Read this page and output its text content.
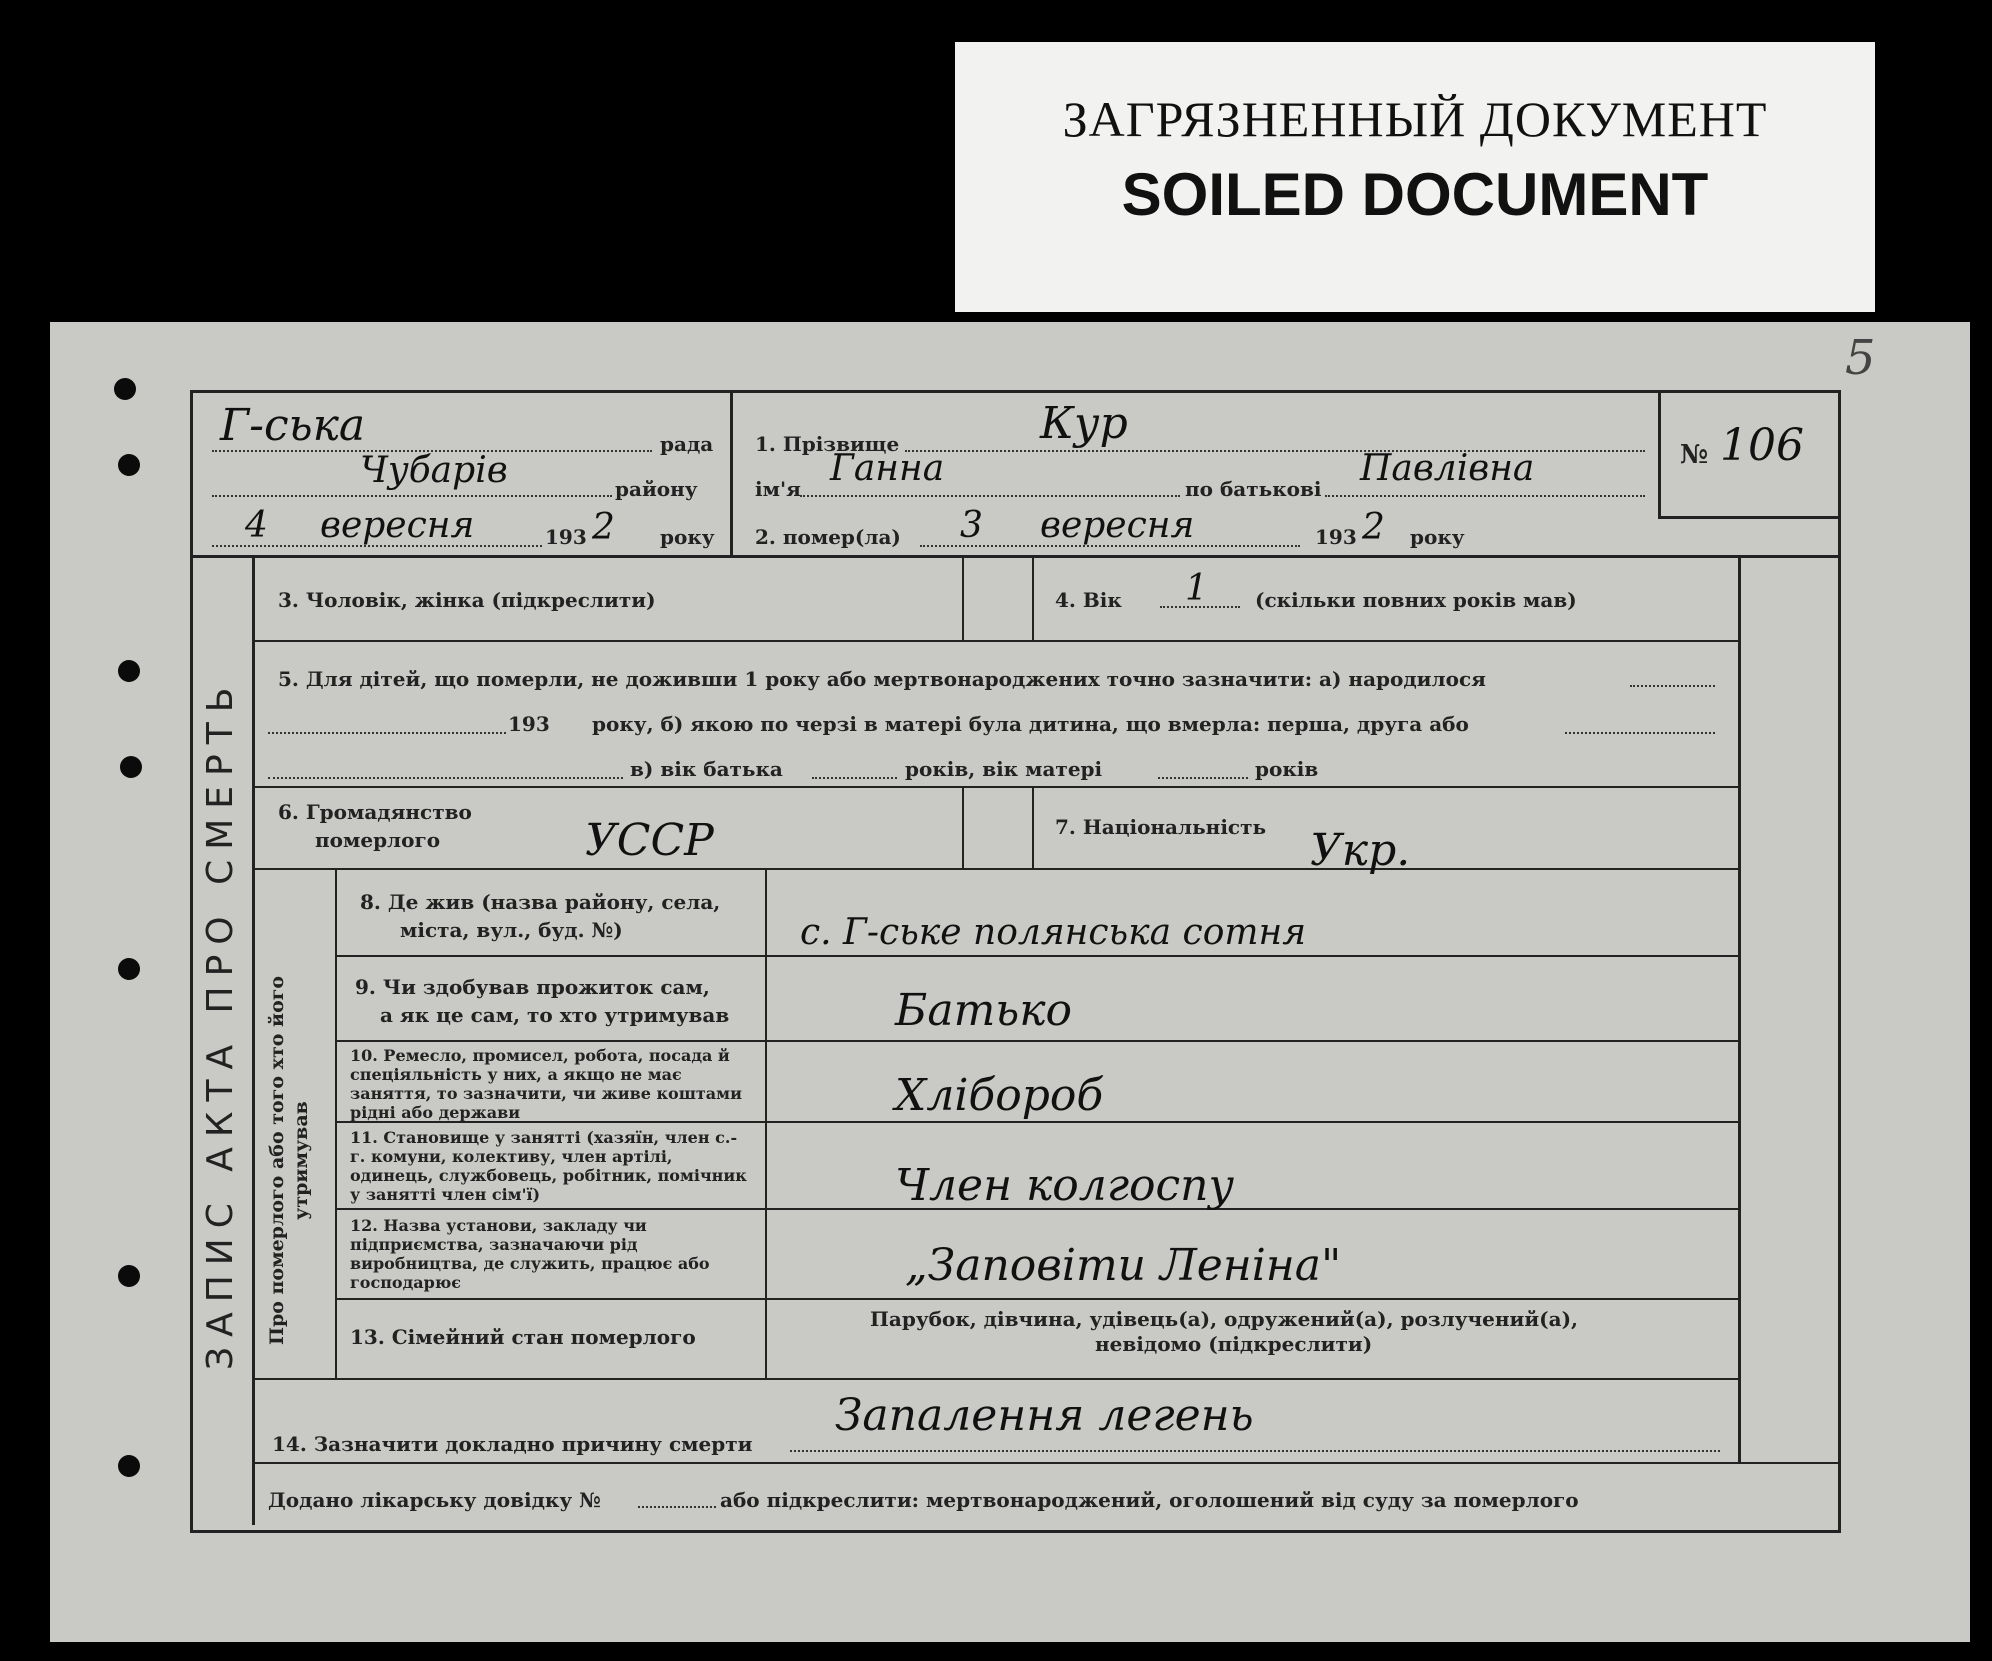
ЗАГРЯЗНЕННЫЙ ДОКУМЕНТ
SOILED DOCUMENT
5
ЗАПИС АКТА ПРО СМЕРТЬ Про померлого або того хто його утримував
Г-ська	рада
Чубарів	району
4 вересня	193 2 року
1. Прізвище	Кур
ім'я Ганна	по батькові Павлівна	№ 106
2. помер(ла) 3 вересня	193 2 року
3. Чоловік, жінка (підкреслити)	4. Вік 1 (скільки повних років мав)
5. Для дітей, що померли, не доживши 1 року або мертвонароджених точно зазначити: а) народилося
193 року, б) якою по черзі в матері була дитина, що вмерла: перша, друга або
в) вік батька	років, вік матері	років
6. Громадянство
померлого	УССР	7. Національність Укр.
8. Де жив (назва району, села,
міста, вул., буд. №)	с. Г-ське полянська сотня
9. Чи здобував прожиток сам,
а як це сам, то хто утримував	Батько
10. Ремесло, промисел, робота, посада й спеціяльність у них, а якщо не має заняття, то зазначити, чи живе коштами рідні або держави	Хлібороб
11. Становище у занятті (хазяїн, член с.-г. комуни, колективу, член артілі, одинець, службовець, робітник, помічник у занятті член сім'ї)	Член колгоспу
12. Назва установи, закладу чи підприємства, зазначаючи рід виробництва, де служить, працює або господарює	„Заповіти Леніна"
13. Сімейний стан померлого
Парубок, дівчина, удівець(а), одружений(а), розлучений(а),
невідомо (підкреслити)
14. Зазначити докладно причину смерти
Запалення легень
Додано лікарську довідку №	або підкреслити: мертвонароджений, оголошений від суду за померлого
